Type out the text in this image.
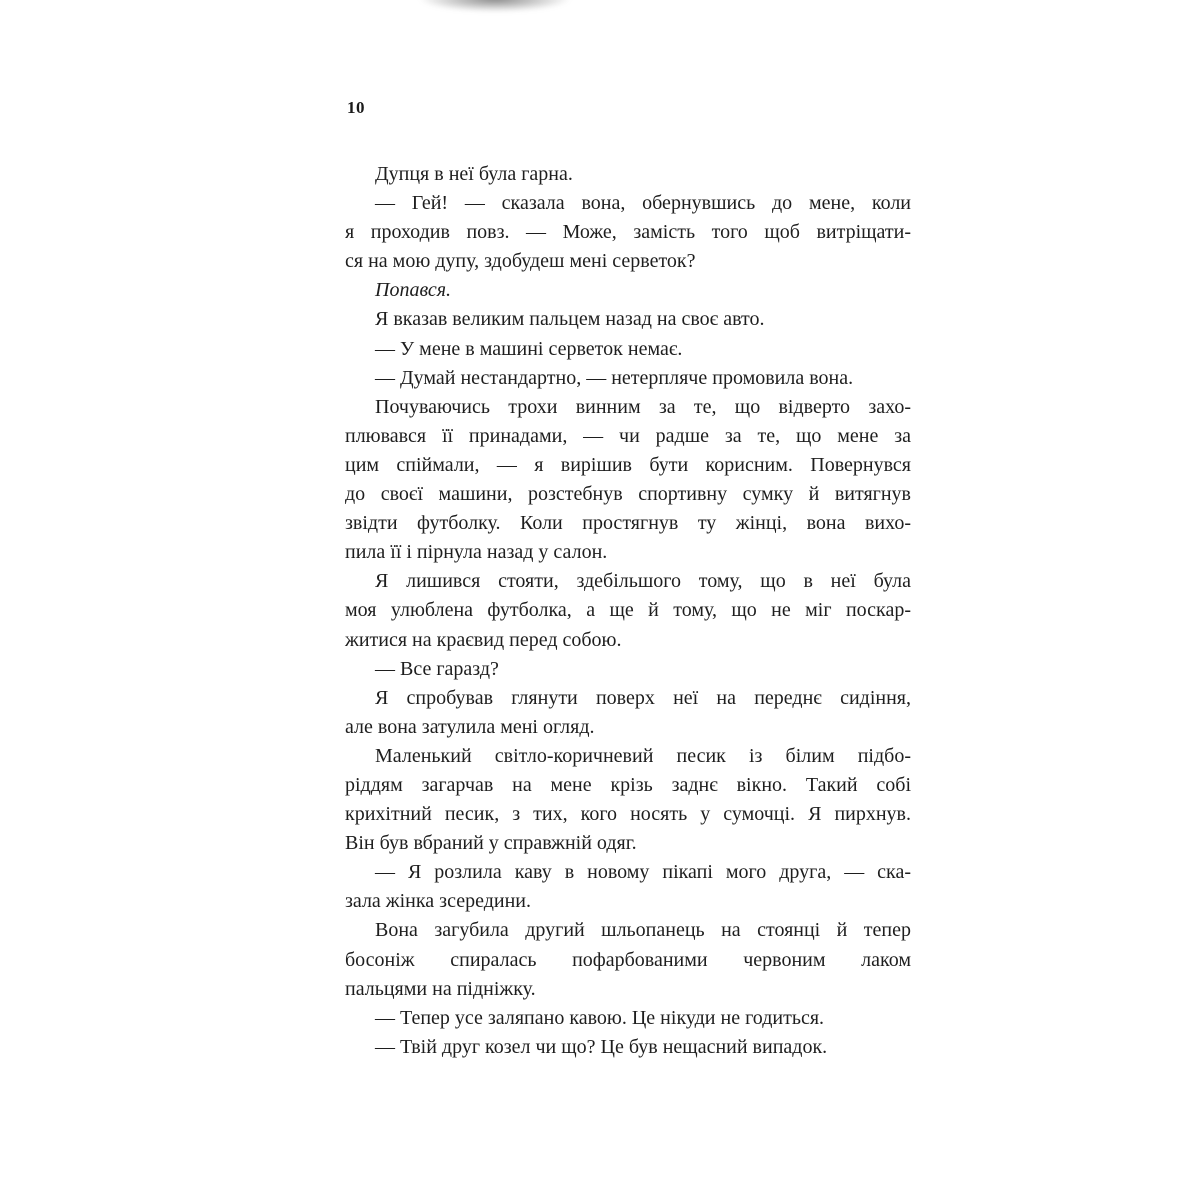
10

Дупця в неї була гарна.

— Гей! — сказала вона, обернувшись до мене, коли
я проходив повз. — Може, замість того щоб витріщати-
ся на мою дупу, здобудеш мені серветок?

Попався.

Я вказав великим пальцем назад на своє авто.

— У мене в машині серветок немає.

— Думай нестандартно, — нетерпляче промовила вона.

Почуваючись трохи винним за те, що відверто захо-
плювався її принадами, — чи радше за те, що мене за
цим спіймали, — я вирішив бути корисним. Повернувся
до своєї машини, розстебнув спортивну сумку й витягнув
звідти футболку. Коли простягнув ту жінці, вона вихо-
пила її і пірнула назад у салон.

Я лишився стояти, здебільшого тому, що в неї була
моя улюблена футболка, а ще й тому, що не міг поскар-
житися на краєвид перед собою.

— Все гаразд?

Я спробував глянути поверх неї на переднє сидіння,
але вона затулила мені огляд.

Маленький світло-коричневий песик із білим підбо-
ріддям загарчав на мене крізь заднє вікно. Такий собі
крихітний песик, з тих, кого носять у сумочці. Я пирхнув.
Він був вбраний у справжній одяг.

— Я розлила каву в новому пікапі мого друга, — ска-
зала жінка зсередини.

Вона загубила другий шльопанець на стоянці й тепер
босоніж спиралась пофарбованими червоним лаком
пальцями на підніжку.

— Тепер усе заляпано кавою. Це нікуди не годиться.

— Твій друг козел чи що? Це був нещасний випадок.
